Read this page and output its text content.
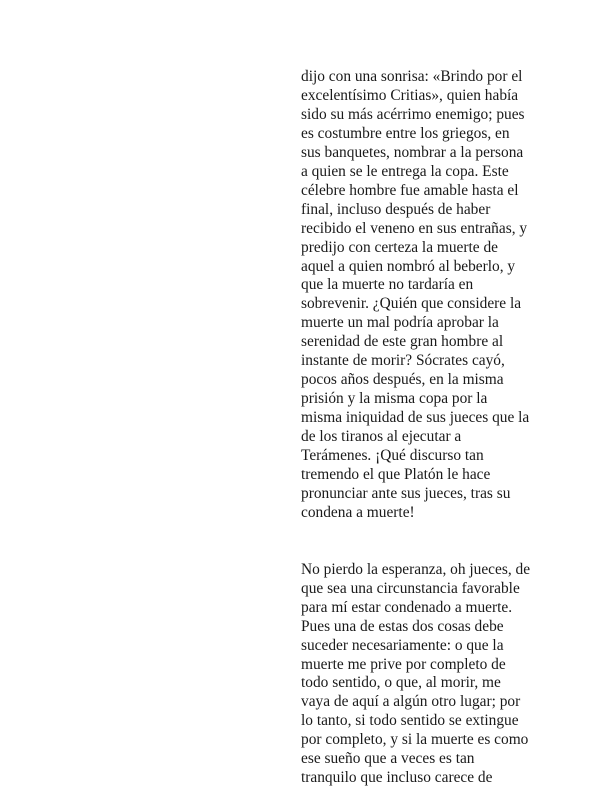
dijo con una sonrisa: «Brindo por el
excelentísimo Critias», quien había
sido su más acérrimo enemigo; pues
es costumbre entre los griegos, en
sus banquetes, nombrar a la persona
a quien se le entrega la copa. Este
célebre hombre fue amable hasta el
final, incluso después de haber
recibido el veneno en sus entrañas, y
predijo con certeza la muerte de
aquel a quien nombró al beberlo, y
que la muerte no tardaría en
sobrevenir. ¿Quién que considere la
muerte un mal podría aprobar la
serenidad de este gran hombre al
instante de morir? Sócrates cayó,
pocos años después, en la misma
prisión y la misma copa por la
misma iniquidad de sus jueces que la
de los tiranos al ejecutar a
Terámenes. ¡Qué discurso tan
tremendo el que Platón le hace
pronunciar ante sus jueces, tras su
condena a muerte!
No pierdo la esperanza, oh jueces, de
que sea una circunstancia favorable
para mí estar condenado a muerte.
Pues una de estas dos cosas debe
suceder necesariamente: o que la
muerte me prive por completo de
todo sentido, o que, al morir, me
vaya de aquí a algún otro lugar; por
lo tanto, si todo sentido se extingue
por completo, y si la muerte es como
ese sueño que a veces es tan
tranquilo que incluso carece de
